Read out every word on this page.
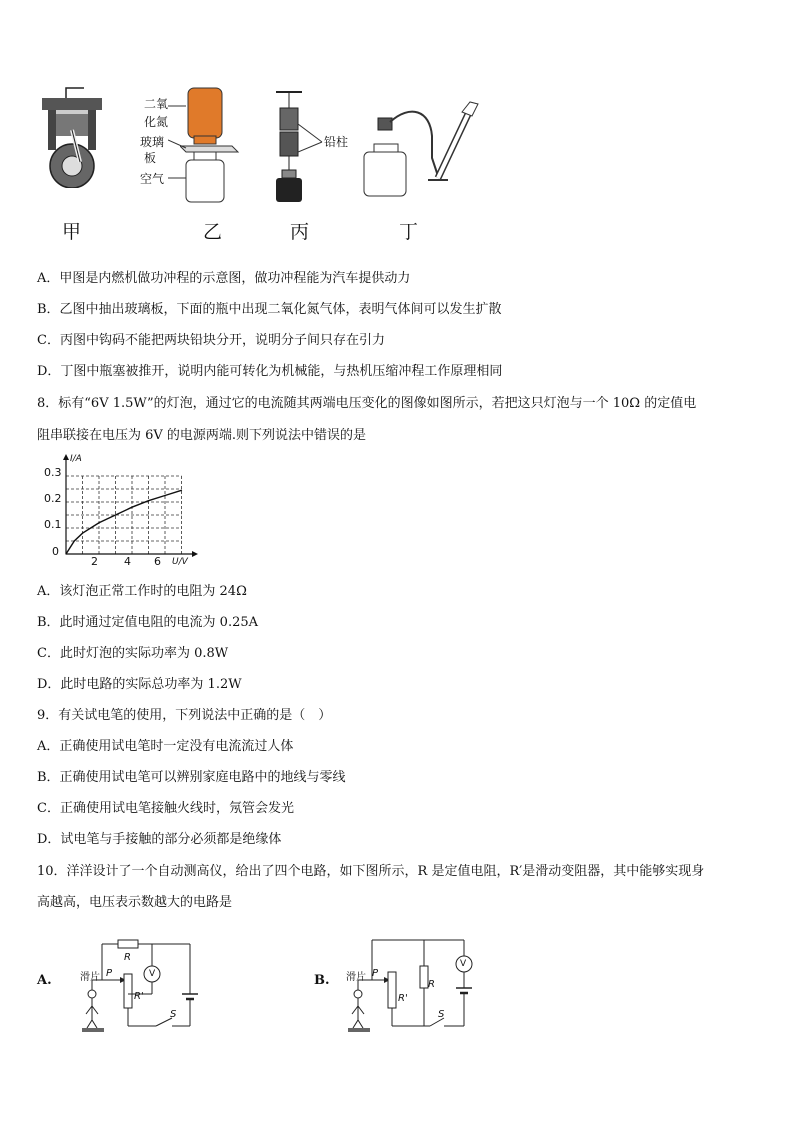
二氧
化氮
玻璃
板
空气
铅柱
甲	乙	丙	丁
A．甲图是内燃机做功冲程的示意图，做功冲程能为汽车提供动力
B．乙图中抽出玻璃板，下面的瓶中出现二氧化氮气体，表明气体间可以发生扩散
C．丙图中钩码不能把两块铅块分开，说明分子间只存在引力
D．丁图中瓶塞被推开，说明内能可转化为机械能，与热机压缩冲程工作原理相同
8．标有“6V 1.5W”的灯泡，通过它的电流随其两端电压变化的图像如图所示，若把这只灯泡与一个 10Ω 的定值电
阻串联接在电压为 6V 的电源两端.则下列说法中错误的是
I/A
0.3
0.2
0.1
0
2 4 6 U/V
A．该灯泡正常工作时的电阻为 24Ω
B．此时通过定值电阻的电流为 0.25A
C．此时灯泡的实际功率为 0.8W
D．此时电路的实际总功率为 1.2W
9．有关试电笔的使用，下列说法中正确的是（　）
A．正确使用试电笔时一定没有电流流过人体
B．正确使用试电笔可以辨别家庭电路中的地线与零线
C．正确使用试电笔接触火线时，氖管会发光
D．试电笔与手接触的部分必须都是绝缘体
10．洋洋设计了一个自动测高仪，给出了四个电路，如下图所示，R 是定值电阻，R′是滑动变阻器，其中能够实现身
高越高，电压表示数越大的电路是
A.	滑片 P
R
R'
V
S
B. 滑片 P
R
R'
V
S
